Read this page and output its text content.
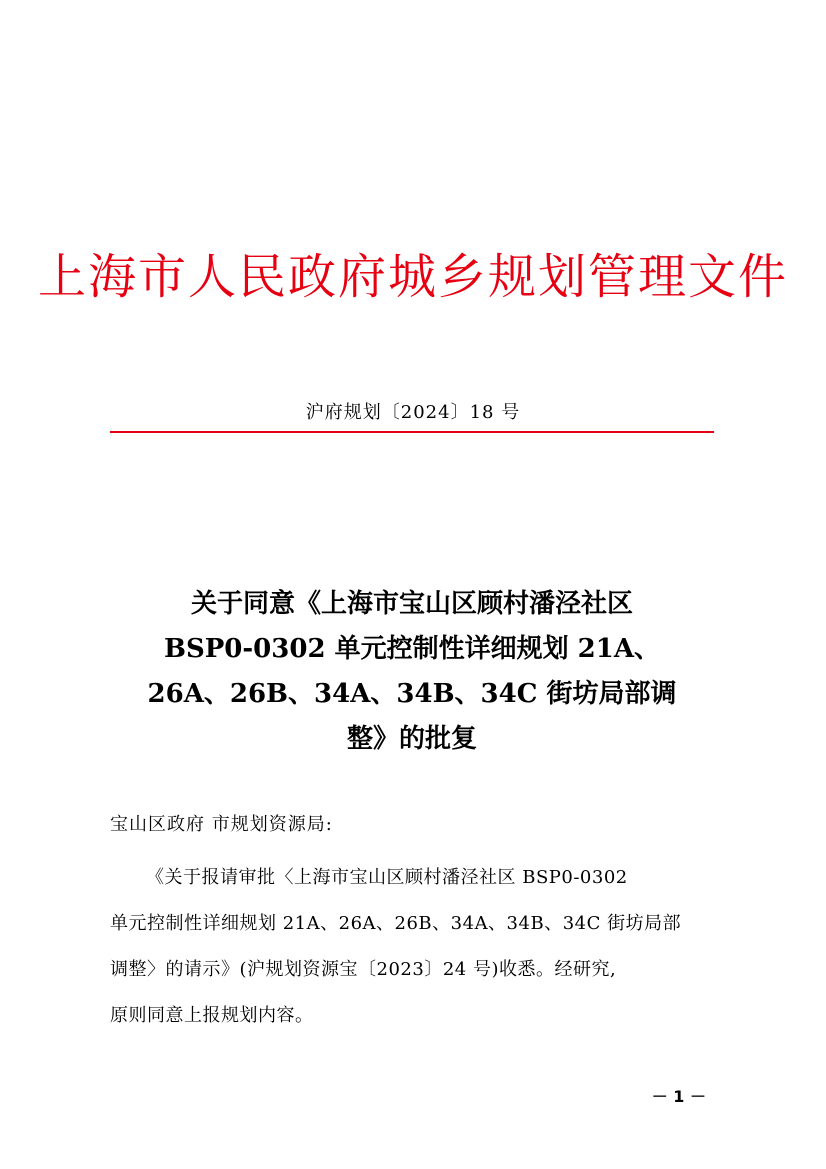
上海市人民政府城乡规划管理文件
沪府规划〔2024〕18 号
关于同意《上海市宝山区顾村潘泾社区
BSP0-0302 单元控制性详细规划 21A、
26A、26B、34A、34B、34C 街坊局部调
整》的批复
宝山区政府 市规划资源局:
《关于报请审批〈上海市宝山区顾村潘泾社区 BSP0-0302
单元控制性详细规划 21A、26A、26B、34A、34B、34C 街坊局部
调整〉的请示》(沪规划资源宝〔2023〕24 号)收悉。经研究,
原则同意上报规划内容。
－ 1 －
